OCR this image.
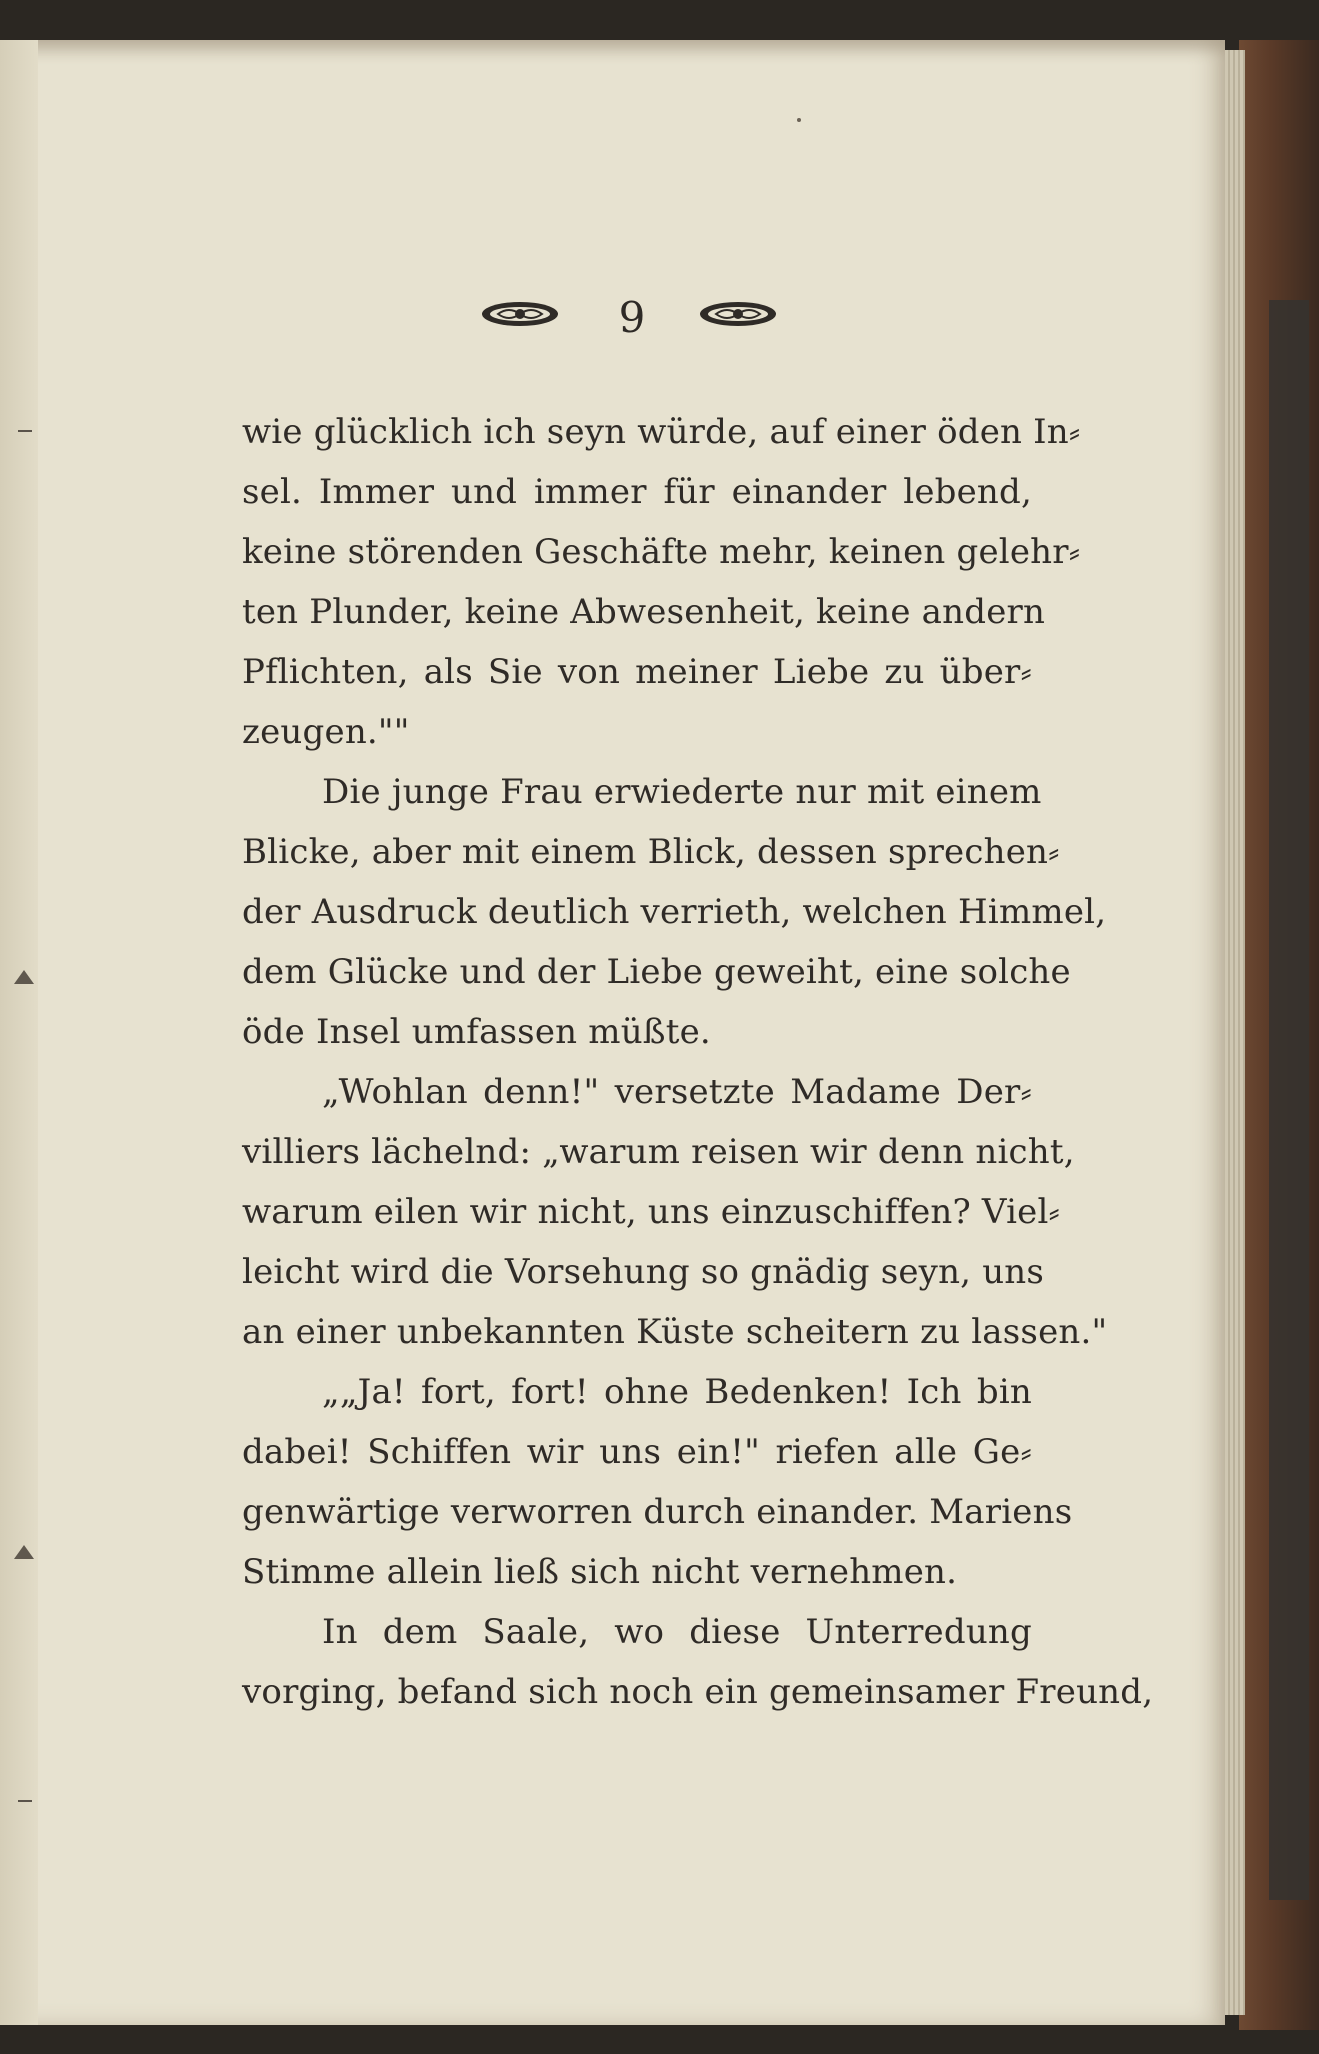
9
wie glücklich ich seyn würde, auf einer öden In⸗
sel. Immer und immer für einander lebend,
keine störenden Geschäfte mehr, keinen gelehr⸗
ten Plunder, keine Abwesenheit, keine andern
Pflichten, als Sie von meiner Liebe zu über⸗
zeugen.""
Die junge Frau erwiederte nur mit einem
Blicke, aber mit einem Blick, dessen sprechen⸗
der Ausdruck deutlich verrieth, welchen Himmel,
dem Glücke und der Liebe geweiht, eine solche
öde Insel umfassen müßte.
„Wohlan denn!" versetzte Madame Der⸗
villiers lächelnd: „warum reisen wir denn nicht,
warum eilen wir nicht, uns einzuschiffen? Viel⸗
leicht wird die Vorsehung so gnädig seyn, uns
an einer unbekannten Küste scheitern zu lassen."
„„Ja! fort, fort! ohne Bedenken! Ich bin
dabei! Schiffen wir uns ein!" riefen alle Ge⸗
genwärtige verworren durch einander. Mariens
Stimme allein ließ sich nicht vernehmen.
In dem Saale, wo diese Unterredung
vorging, befand sich noch ein gemeinsamer Freund,
